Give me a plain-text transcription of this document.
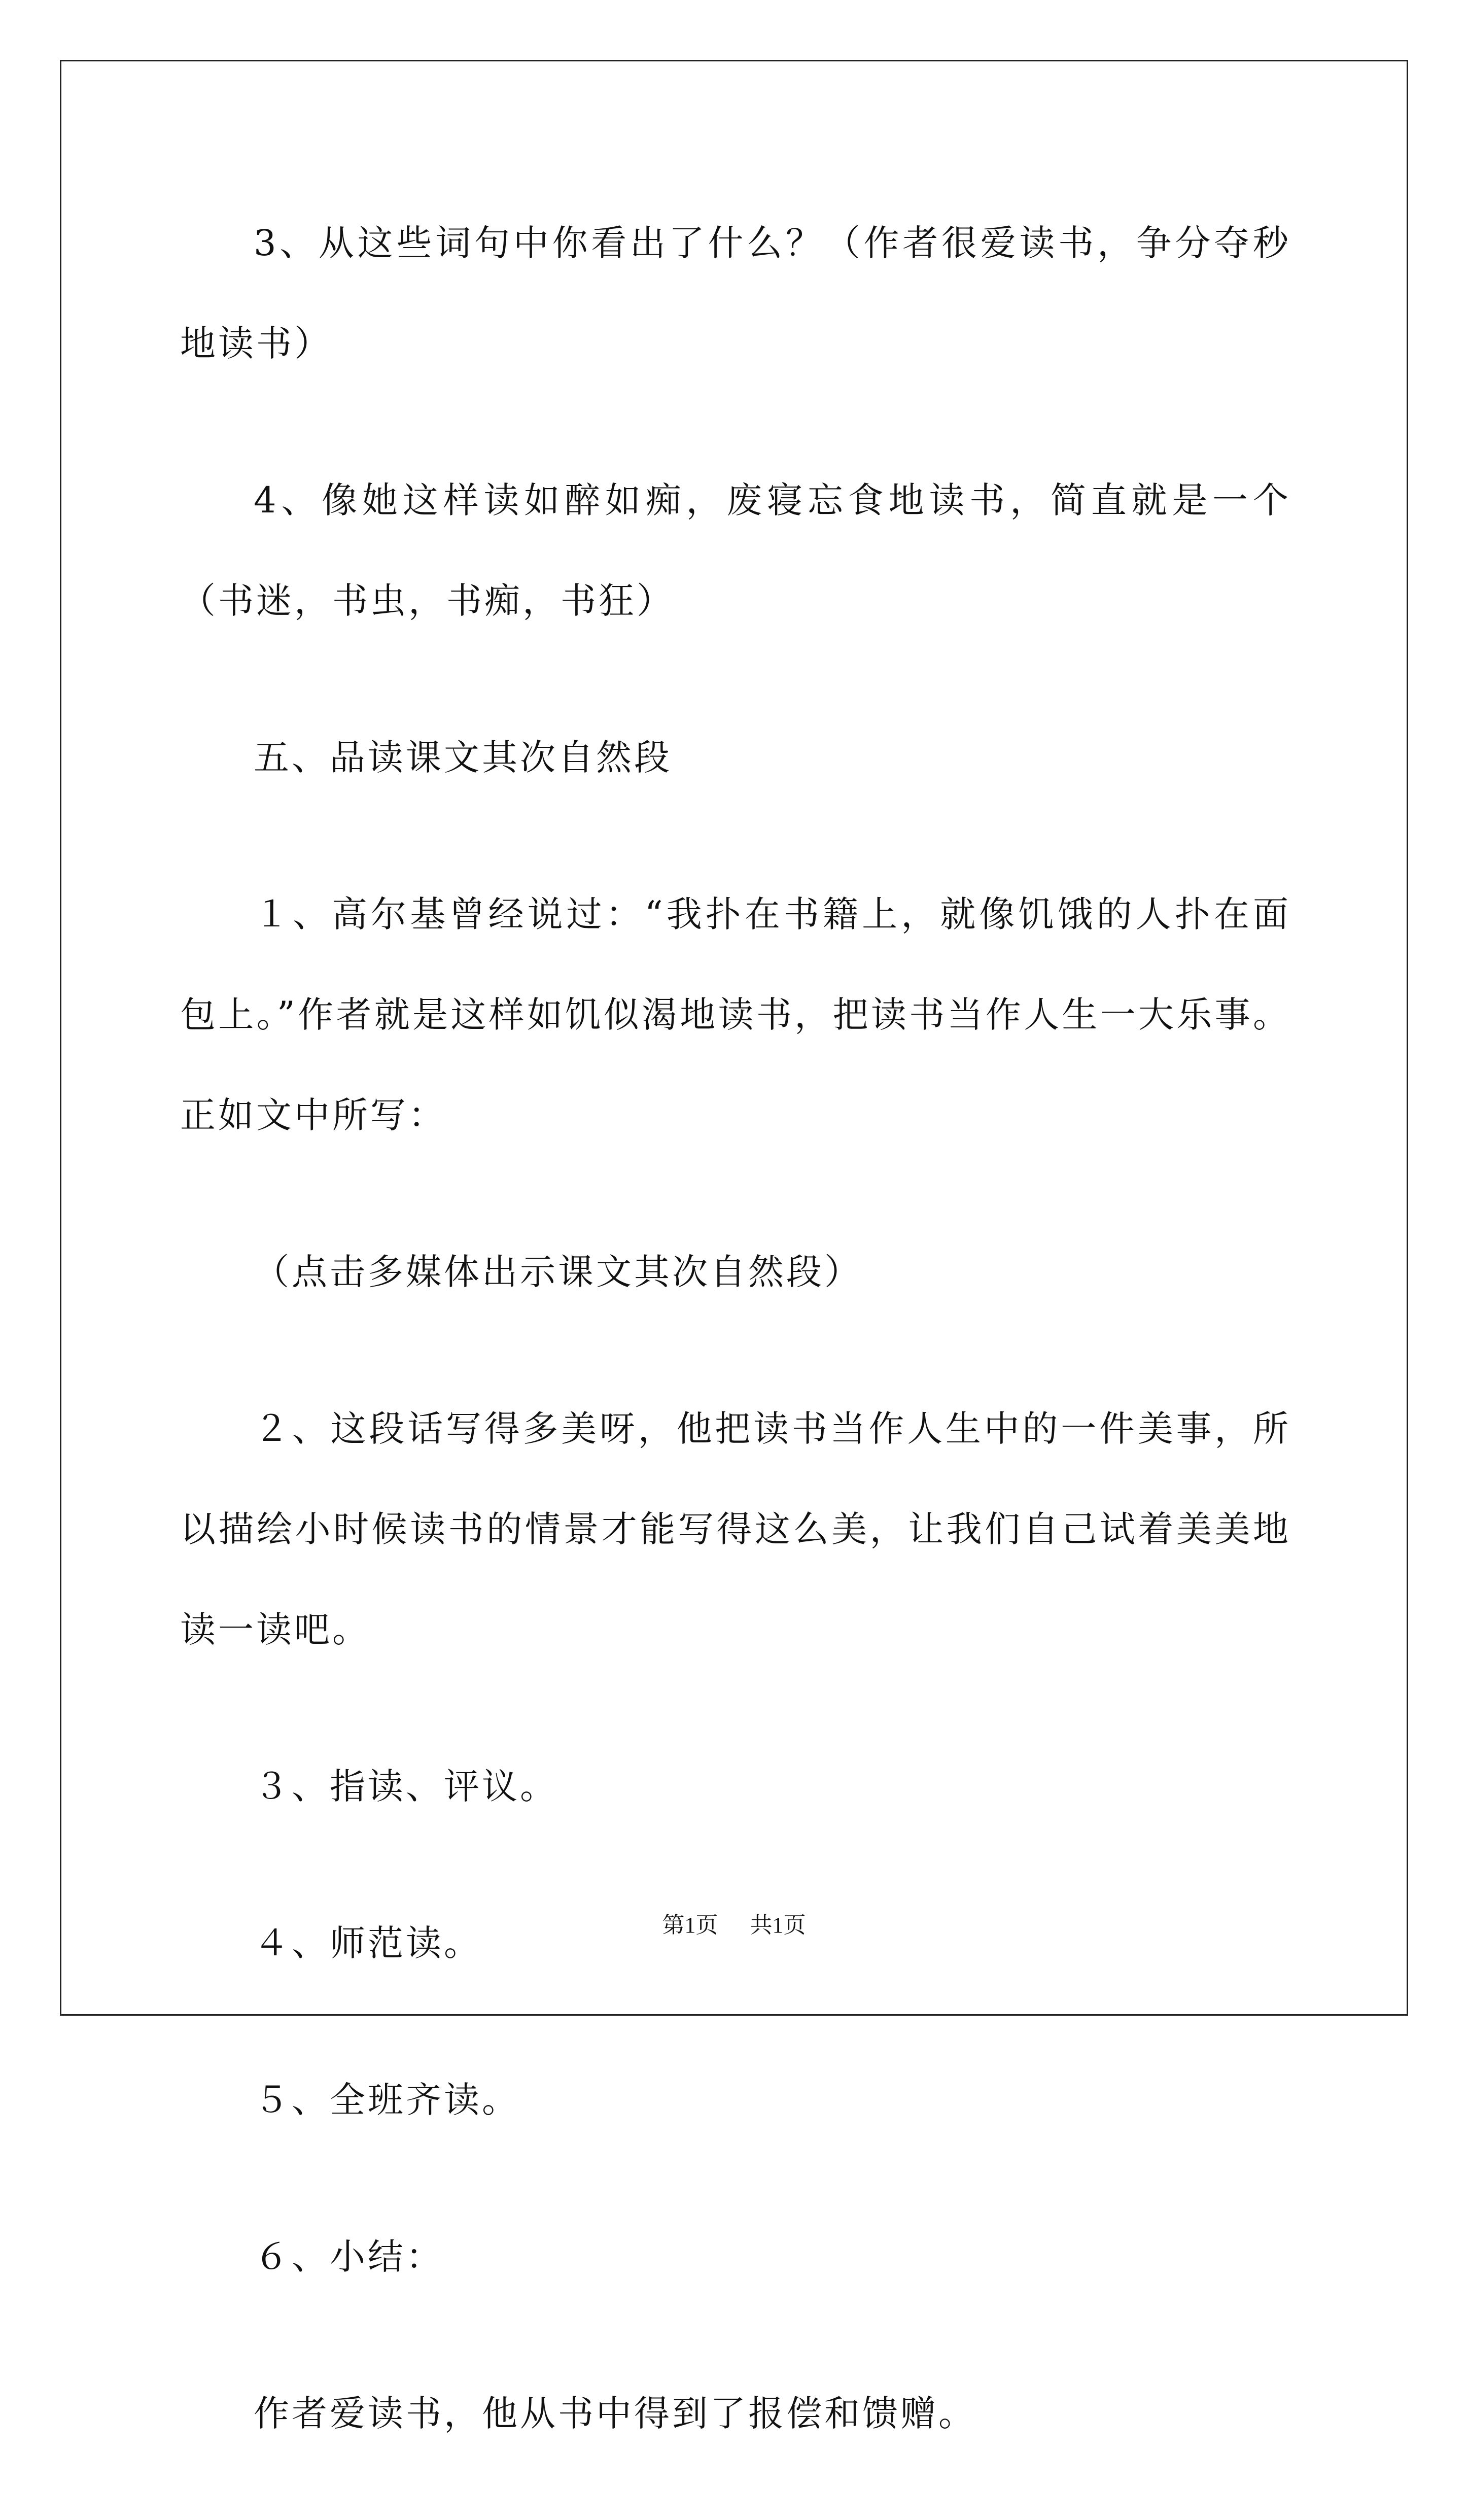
3、从这些词句中你看出了什么？（作者很爱读书，争分夺秒地读书）

4、像她这样读如醉如痴，废寝忘食地读书，简直就是一个（书迷，书虫，书痴，书狂）

五、品读课文其次自然段

１、高尔基曾经说过：“我扑在书籍上，就像饥饿的人扑在面包上。”作者就是这样如饥似渴地读书，把读书当作人生一大乐事。正如文中所写：

（点击多媒体出示课文其次自然段）

２、这段话写得多美呀，他把读书当作人生中的一件美事，所以描绘小时候读书的情景才能写得这么美，让我们自己试着美美地读一读吧。

３、指读、评议。

４、师范读。

５、全班齐读。

６、小结：

作者爱读书，他从书中得到了报偿和馈赠。

第1页 共1页
